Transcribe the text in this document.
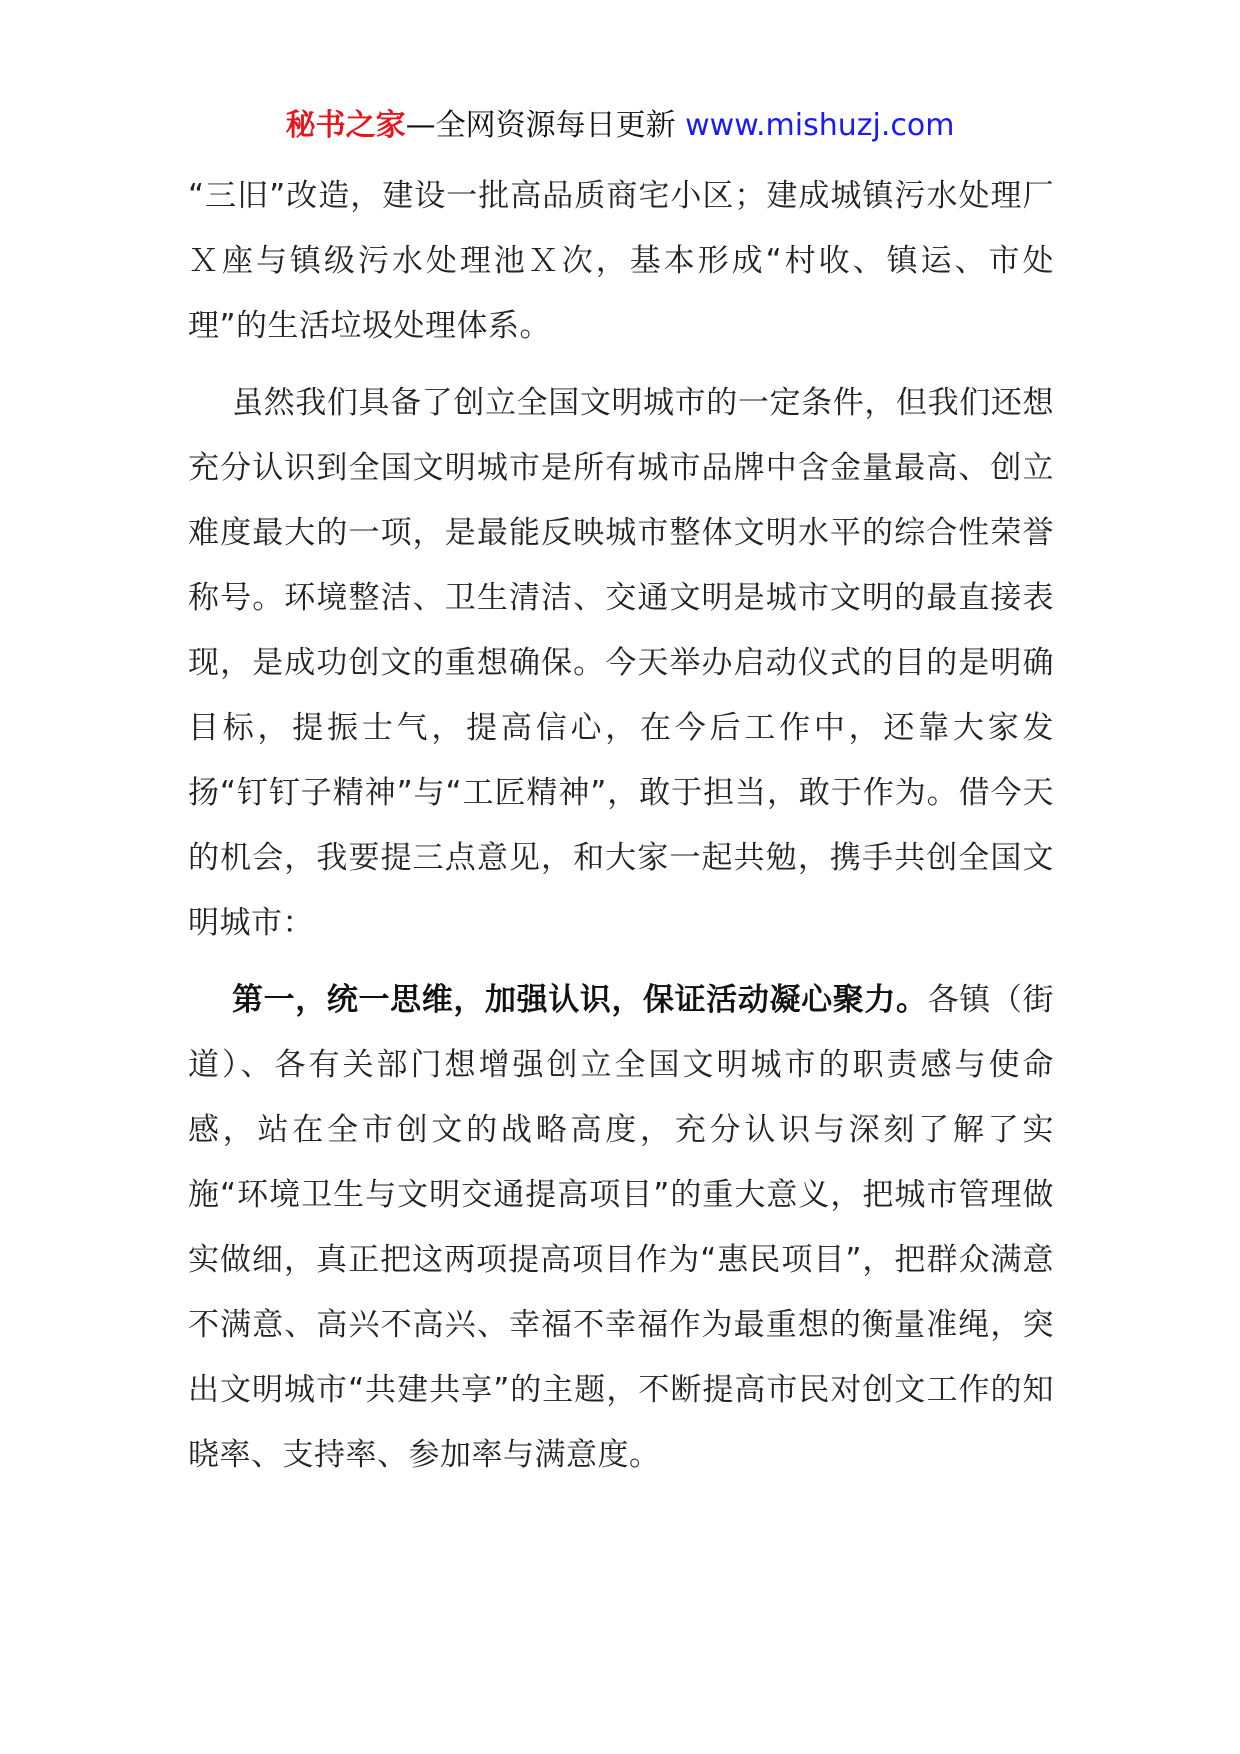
秘书之家—全网资源每日更新 www.mishuzj.com

“三旧”改造，建设一批高品质商宅小区；建成城镇污水处理厂Ｘ座与镇级污水处理池Ｘ次，基本形成“村收、镇运、市处理”的生活垃圾处理体系。

虽然我们具备了创立全国文明城市的一定条件，但我们还想充分认识到全国文明城市是所有城市品牌中含金量最高、创立难度最大的一项，是最能反映城市整体文明水平的综合性荣誉称号。环境整洁、卫生清洁、交通文明是城市文明的最直接表现，是成功创文的重想确保。今天举办启动仪式的目的是明确目标，提振士气，提高信心，在今后工作中，还靠大家发扬“钉钉子精神”与“工匠精神”，敢于担当，敢于作为。借今天的机会，我要提三点意见，和大家一起共勉，携手共创全国文明城市：

第一，统一思维，加强认识，保证活动凝心聚力。各镇（街道）、各有关部门想增强创立全国文明城市的职责感与使命感，站在全市创文的战略高度，充分认识与深刻了解了实施“环境卫生与文明交通提高项目”的重大意义，把城市管理做实做细，真正把这两项提高项目作为“惠民项目”，把群众满意不满意、高兴不高兴、幸福不幸福作为最重想的衡量准绳，突出文明城市“共建共享”的主题，不断提高市民对创文工作的知晓率、支持率、参加率与满意度。
